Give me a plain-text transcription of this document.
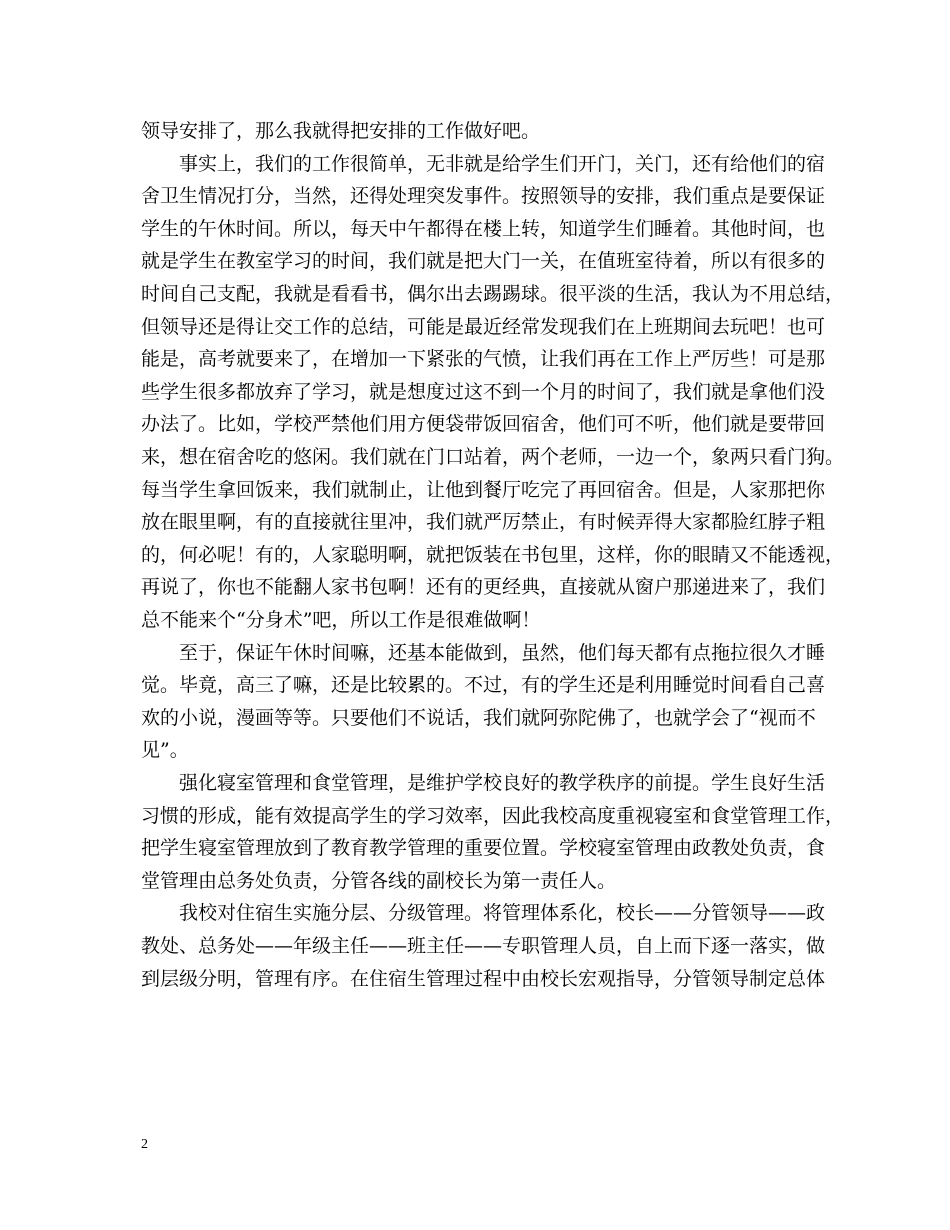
领导安排了，那么我就得把安排的工作做好吧。
　　事实上，我们的工作很简单，无非就是给学生们开门，关门，还有给他们的宿
舍卫生情况打分，当然，还得处理突发事件。按照领导的安排，我们重点是要保证
学生的午休时间。所以，每天中午都得在楼上转，知道学生们睡着。其他时间，也
就是学生在教室学习的时间，我们就是把大门一关，在值班室待着，所以有很多的
时间自己支配，我就是看看书，偶尔出去踢踢球。很平淡的生活，我认为不用总结，
但领导还是得让交工作的总结，可能是最近经常发现我们在上班期间去玩吧！也可
能是，高考就要来了，在增加一下紧张的气愤，让我们再在工作上严厉些！可是那
些学生很多都放弃了学习，就是想度过这不到一个月的时间了，我们就是拿他们没
办法了。比如，学校严禁他们用方便袋带饭回宿舍，他们可不听，他们就是要带回
来，想在宿舍吃的悠闲。我们就在门口站着，两个老师，一边一个，象两只看门狗。
每当学生拿回饭来，我们就制止，让他到餐厅吃完了再回宿舍。但是，人家那把你
放在眼里啊，有的直接就往里冲，我们就严厉禁止，有时候弄得大家都脸红脖子粗
的，何必呢！有的，人家聪明啊，就把饭装在书包里，这样，你的眼睛又不能透视，
再说了，你也不能翻人家书包啊！还有的更经典，直接就从窗户那递进来了，我们
总不能来个“分身术”吧，所以工作是很难做啊！
　　至于，保证午休时间嘛，还基本能做到，虽然，他们每天都有点拖拉很久才睡
觉。毕竟，高三了嘛，还是比较累的。不过，有的学生还是利用睡觉时间看自己喜
欢的小说，漫画等等。只要他们不说话，我们就阿弥陀佛了，也就学会了“视而不
见”。
　　强化寝室管理和食堂管理，是维护学校良好的教学秩序的前提。学生良好生活
习惯的形成，能有效提高学生的学习效率，因此我校高度重视寝室和食堂管理工作，
把学生寝室管理放到了教育教学管理的重要位置。学校寝室管理由政教处负责，食
堂管理由总务处负责，分管各线的副校长为第一责任人。
　　我校对住宿生实施分层、分级管理。将管理体系化，校长——分管领导——政
教处、总务处——年级主任——班主任——专职管理人员，自上而下逐一落实，做
到层级分明，管理有序。在住宿生管理过程中由校长宏观指导，分管领导制定总体
2
